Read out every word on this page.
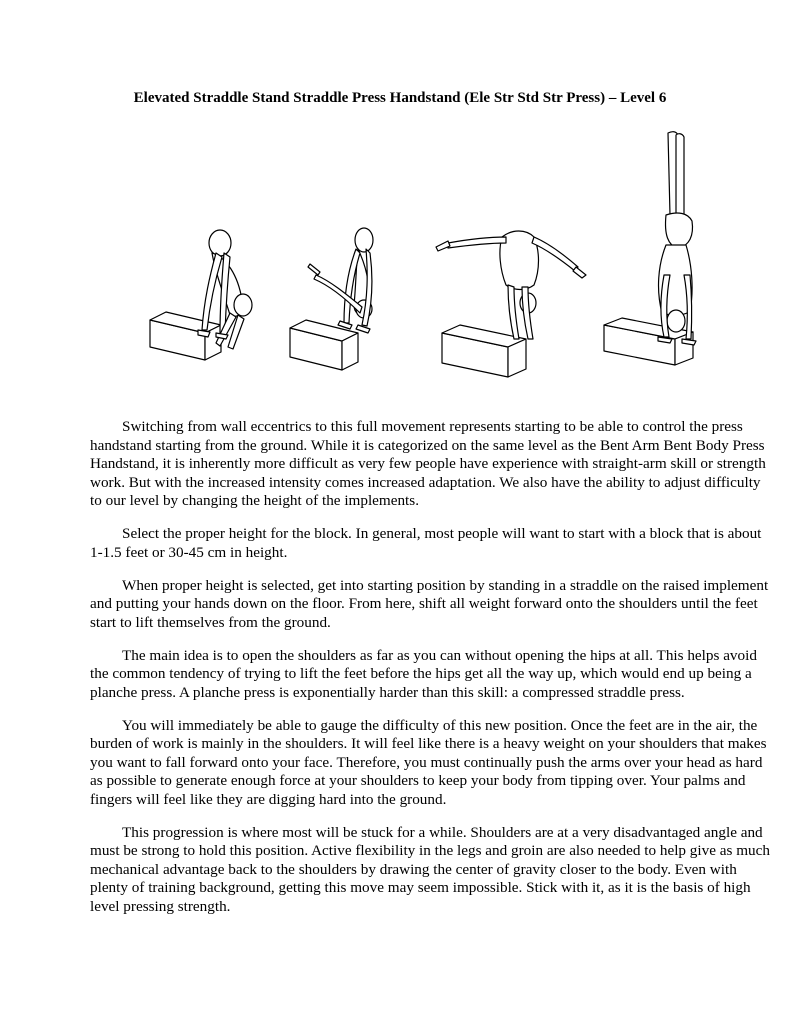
Elevated Straddle Stand Straddle Press Handstand (Ele Str Std Str Press) – Level 6

Switching from wall eccentrics to this full movement represents starting to be able to control the press handstand starting from the ground. While it is categorized on the same level as the Bent Arm Bent Body Press Handstand, it is inherently more difficult as very few people have experience with straight-arm skill or strength work. But with the increased intensity comes increased adaptation. We also have the ability to adjust difficulty to our level by changing the height of the implements.

Select the proper height for the block. In general, most people will want to start with a block that is about 1-1.5 feet or 30-45 cm in height.

When proper height is selected, get into starting position by standing in a straddle on the raised implement and putting your hands down on the floor. From here, shift all weight forward onto the shoulders until the feet start to lift themselves from the ground.

The main idea is to open the shoulders as far as you can without opening the hips at all. This helps avoid the common tendency of trying to lift the feet before the hips get all the way up, which would end up being a planche press. A planche press is exponentially harder than this skill: a compressed straddle press.

You will immediately be able to gauge the difficulty of this new position. Once the feet are in the air, the burden of work is mainly in the shoulders. It will feel like there is a heavy weight on your shoulders that makes you want to fall forward onto your face. Therefore, you must continually push the arms over your head as hard as possible to generate enough force at your shoulders to keep your body from tipping over. Your palms and fingers will feel like they are digging hard into the ground.

This progression is where most will be stuck for a while. Shoulders are at a very disadvantaged angle and must be strong to hold this position. Active flexibility in the legs and groin are also needed to help give as much mechanical advantage back to the shoulders by drawing the center of gravity closer to the body. Even with plenty of training background, getting this move may seem impossible. Stick with it, as it is the basis of high level pressing strength.
